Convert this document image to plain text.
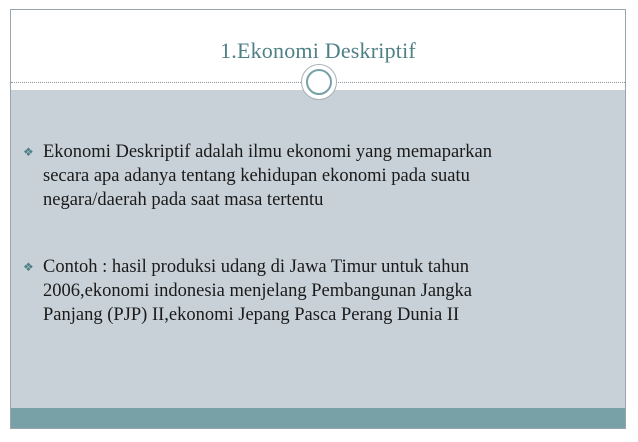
1.Ekonomi Deskriptif
❖ Ekonomi Deskriptif adalah ilmu ekonomi yang memaparkan
secara apa adanya tentang kehidupan ekonomi pada suatu
negara/daerah pada saat masa tertentu
❖ Contoh : hasil produksi udang di Jawa Timur untuk tahun
2006,ekonomi indonesia menjelang Pembangunan Jangka
Panjang (PJP) II,ekonomi Jepang Pasca Perang Dunia II
